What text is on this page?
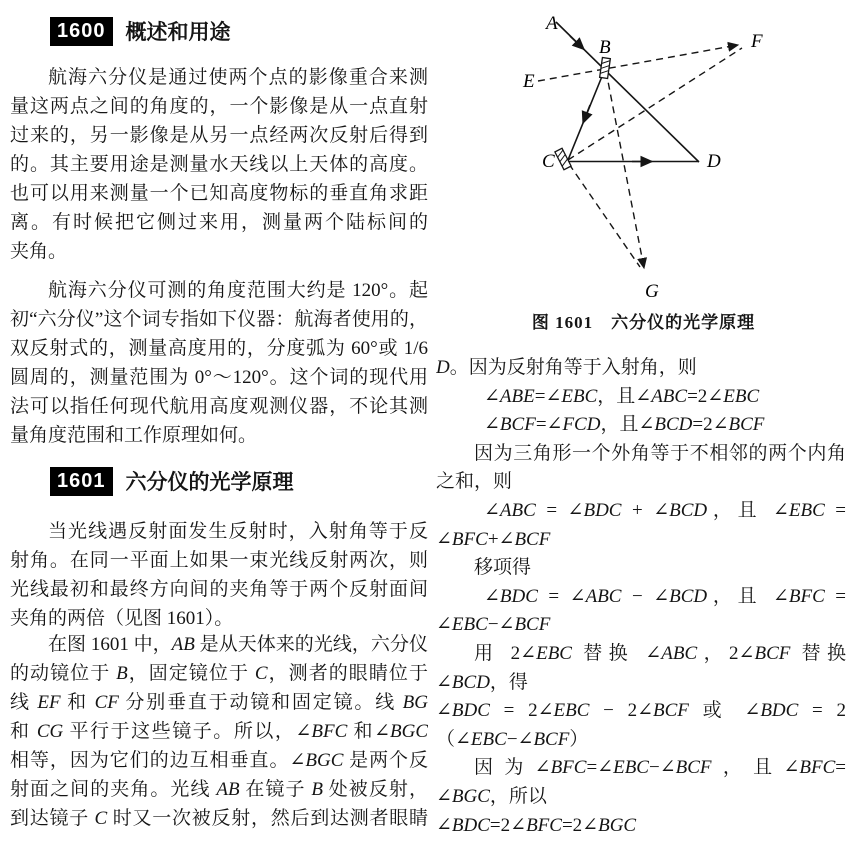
1600 概述和用途
航海六分仪是通过使两个点的影像重合来测
量这两点之间的角度的，一个影像是从一点直射
过来的，另一影像是从另一点经两次反射后得到
的。其主要用途是测量水天线以上天体的高度。
也可以用来测量一个已知高度物标的垂直角求距
离。有时候把它侧过来用，测量两个陆标间的
夹角。
航海六分仪可测的角度范围大约是 120°。起
初“六分仪”这个词专指如下仪器：航海者使用的，
双反射式的，测量高度用的，分度弧为 60°或 1/6
圆周的，测量范围为 0°～120°。这个词的现代用
法可以指任何现代航用高度观测仪器，不论其测
量角度范围和工作原理如何。
1601 六分仪的光学原理
当光线遇反射面发生反射时，入射角等于反
射角。在同一平面上如果一束光线反射两次，则
光线最初和最终方向间的夹角等于两个反射面间
夹角的两倍（见图 1601）。
在图 1601 中，AB 是从天体来的光线，六分仪
的动镜位于 B，固定镜位于 C，测者的眼睛位于
线 EF 和 CF 分别垂直于动镜和固定镜。线 BG
和 CG 平行于这些镜子。所以，∠BFC 和∠BGC
相等，因为它们的边互相垂直。∠BGC 是两个反
射面之间的夹角。光线 AB 在镜子 B 处被反射，
到达镜子 C 时又一次被反射，然后到达测者眼睛
A
B
C	D
E
F
G
图 1601　六分仪的光学原理
D。因为反射角等于入射角，则
∠ABE=∠EBC，且∠ABC=2∠EBC
∠BCF=∠FCD，且∠BCD=2∠BCF
因为三角形一个外角等于不相邻的两个内角
之和，则
∠ABC = ∠BDC + ∠BCD，且 ∠EBC =
∠BFC+∠BCF
移项得
∠BDC = ∠ABC − ∠BCD，且 ∠BFC =
∠EBC−∠BCF
用 2∠EBC 替换 ∠ABC，2∠BCF 替换
∠BCD，得
∠BDC = 2∠EBC − 2∠BCF 或 ∠BDC = 2
（∠EBC−∠BCF）
因为∠BFC=∠EBC−∠BCF，且∠BFC=
∠BGC，所以
∠BDC=2∠BFC=2∠BGC
